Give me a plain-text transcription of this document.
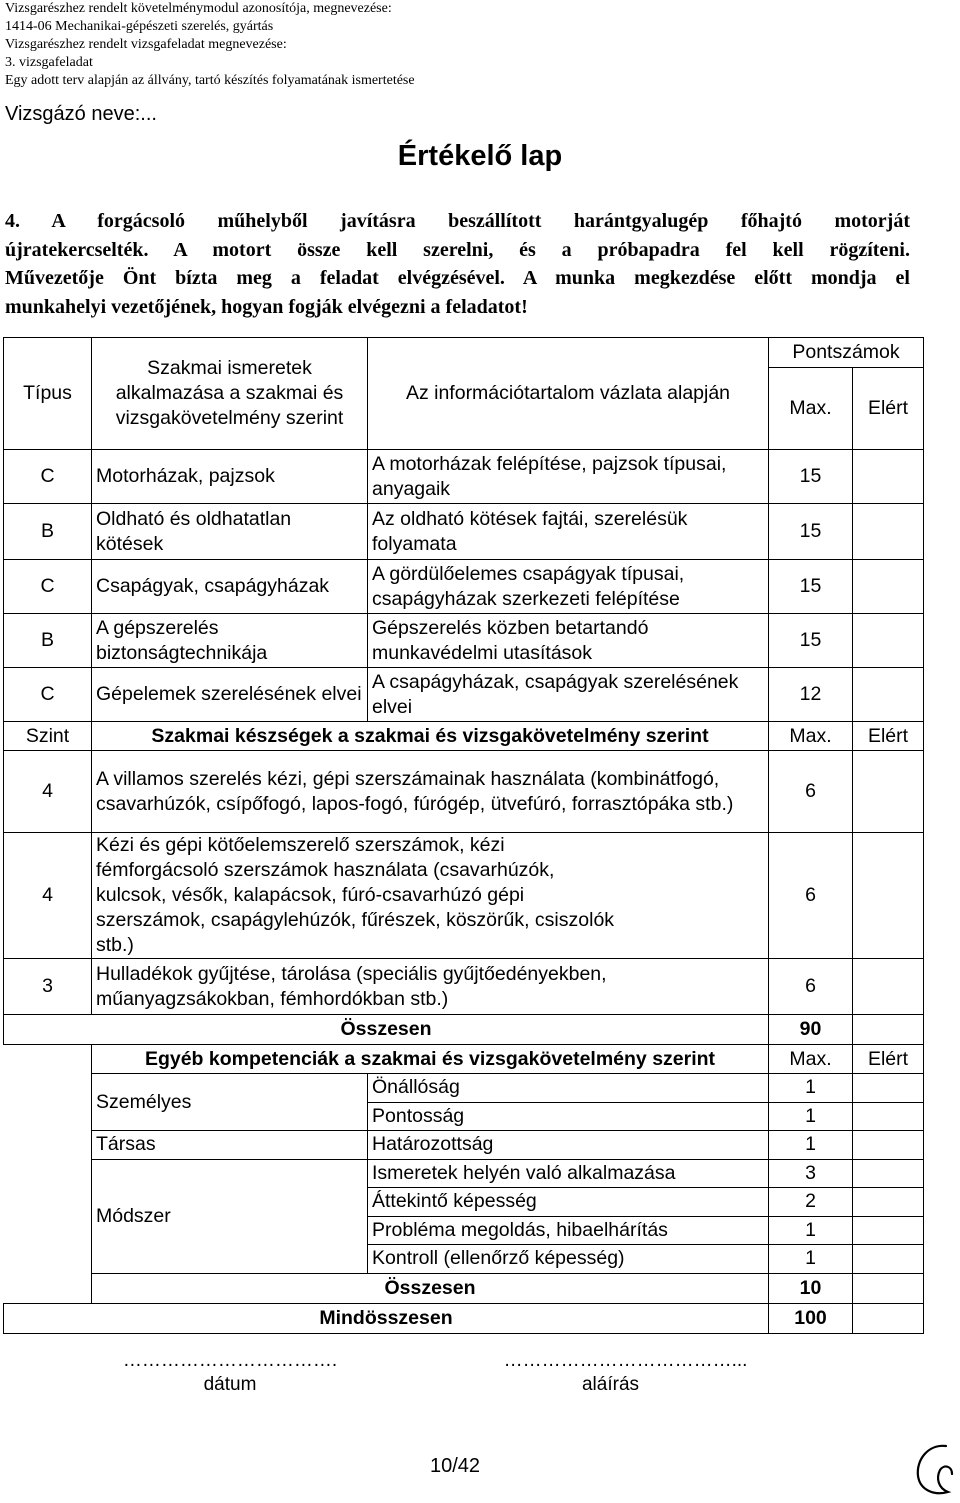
Vizsgarészhez rendelt követelménymodul azonosítója, megnevezése:
1414-06 Mechanikai-gépészeti szerelés, gyártás
Vizsgarészhez rendelt vizsgafeladat megnevezése:
3. vizsgafeladat
Egy adott terv alapján az állvány, tartó készítés folyamatának ismertetése
Vizsgázó neve:...
Értékelő lap
4. A forgácsoló műhelyből javításra beszállított harántgyalugép főhajtó motorját
újratekercselték. A motort össze kell szerelni, és a próbapadra fel kell rögzíteni.
Művezetője Önt bízta meg a feladat elvégzésével. A munka megkezdése előtt mondja el
munkahelyi vezetőjének, hogyan fogják elvégezni a feladatot!
Típus	Szakmai ismeretek alkalmazása a szakmai és vizsgakövetelmény szerint	Az információtartalom vázlata alapján	Pontszámok	
			Max.	Elért
C	Motorházak, pajzsok	A motorházak felépítése, pajzsok típusai, anyagaik	15	
B	Oldható és oldhatatlan kötések	Az oldható kötések fajtái, szerelésük folyamata	15	
C	Csapágyak, csapágyházak	A gördülőelemes csapágyak típusai, csapágyházak szerkezeti felépítése	15	
B	A gépszerelés biztonságtechnikája	Gépszerelés közben betartandó munkavédelmi utasítások	15	
C	Gépelemek szerelésének elvei	A csapágyházak, csapágyak szerelésének elvei	12	
Szint	Szakmai készségek a szakmai és vizsgakövetelmény szerint		Max.	Elért
4	A villamos szerelés kézi, gépi szerszámainak használata (kombinátfogó, csavarhúzók, csípőfogó, lapos-fogó, fúrógép, ütvefúró, forrasztópáka stb.)		6	
4	Kézi és gépi kötőelemszerelő szerszámok, kézi fémforgácsoló szerszámok használata (csavarhúzók, kulcsok, vésők, kalapácsok, fúró-csavarhúzó gépi szerszámok, csapágylehúzók, fűrészek, köszörűk, csiszolók stb.)		6	
3	Hulladékok gyűjtése, tárolása (speciális gyűjtőedényekben, műanyagzsákokban, fémhordókban stb.)		6	
Összesen			90	
	Egyéb kompetenciák a szakmai és vizsgakövetelmény szerint		Max.	Elért
	Személyes	Önállóság	1	
		Pontosság	1	
	Társas	Határozottság	1	
	Módszer	Ismeretek helyén való alkalmazása	3	
		Áttekintő képesség	2	
		Probléma megoldás, hibaelhárítás	1	
		Kontroll (ellenőrző képesség)	1	
	Összesen		10	
Mindösszesen			100	
…………………………….
dátum
………………………………...
aláírás
10/42
